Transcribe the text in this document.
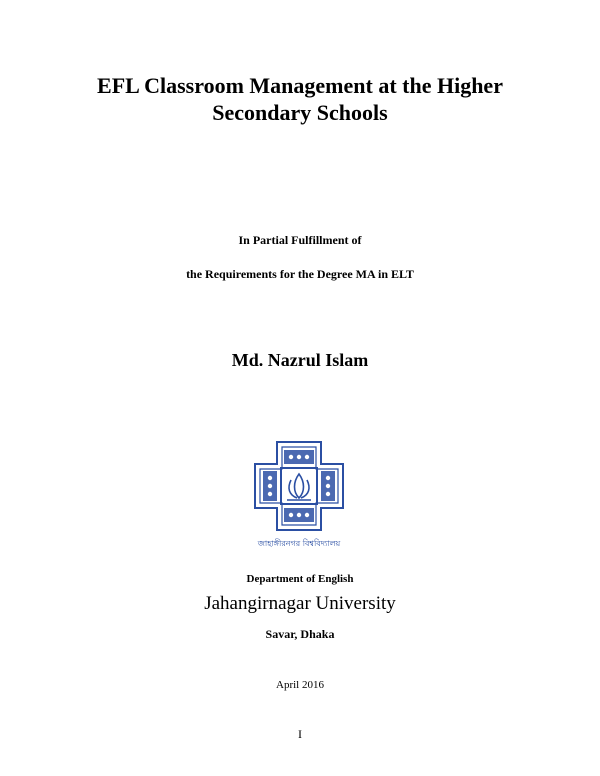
EFL Classroom Management at the Higher
Secondary Schools
In Partial Fulfillment of
the Requirements for the Degree MA in ELT
Md. Nazrul Islam
জাহাঙ্গীরনগর বিশ্ববিদ্যালয়
Department of English
Jahangirnagar University
Savar, Dhaka
April 2016
I
